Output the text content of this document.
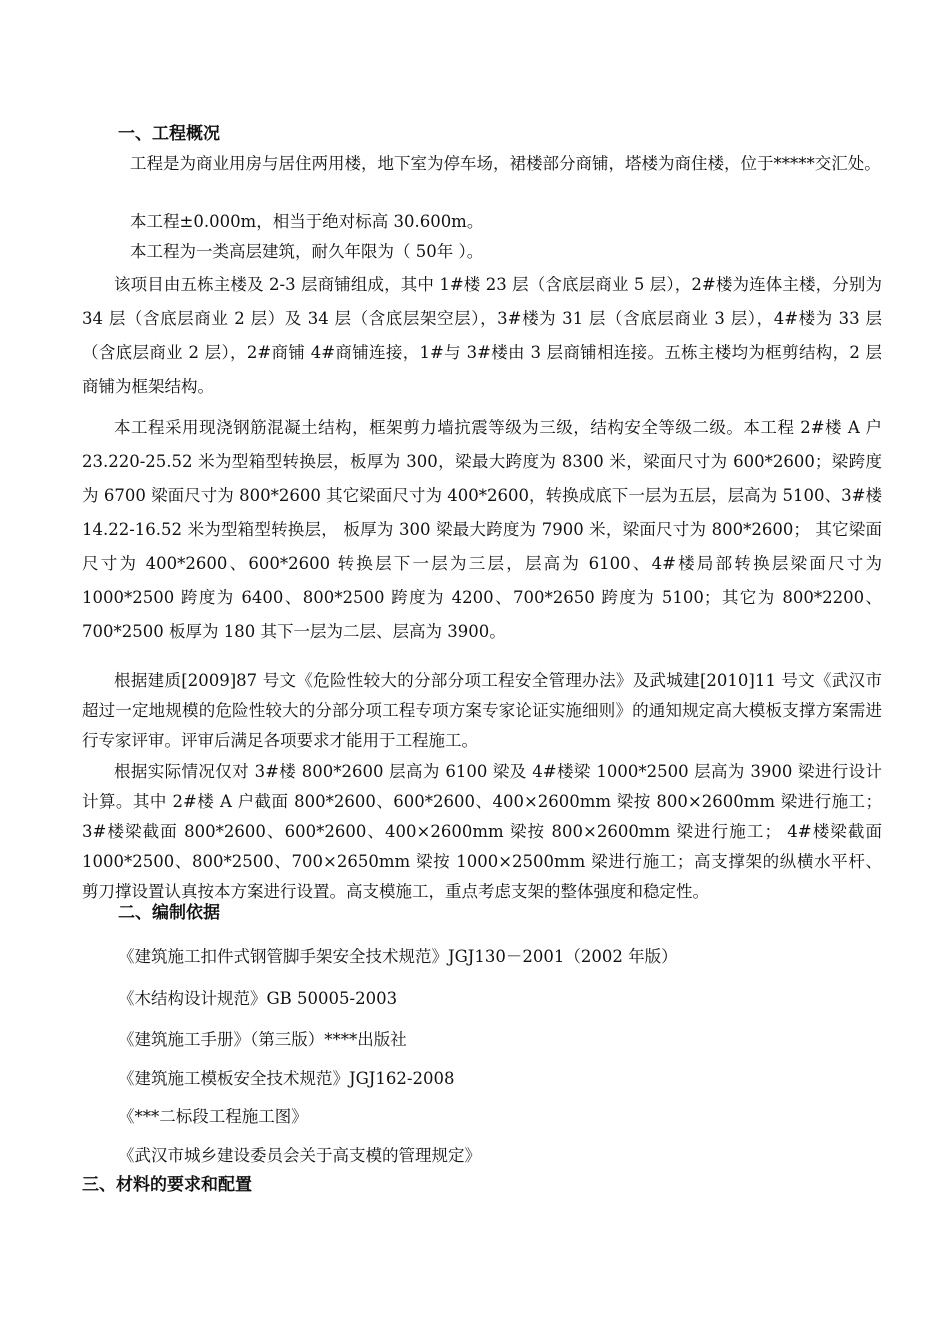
一、工程概况
工程是为商业用房与居住两用楼，地下室为停车场，裙楼部分商铺，塔楼为商住楼，位于*****交汇处。
本工程±0.000m，相当于绝对标高 30.600m。
本工程为一类高层建筑，耐久年限为（ 50年 ）。
该项目由五栋主楼及 2-3 层商铺组成，其中 1#楼 23 层（含底层商业 5 层），2#楼为连体主楼，分别为 34 层（含底层商业 2 层）及 34 层（含底层架空层），3#楼为 31 层（含底层商业 3 层），4#楼为 33 层（含底层商业 2 层），2#商铺 4#商铺连接，1#与 3#楼由 3 层商铺相连接。五栋主楼均为框剪结构，2 层商铺为框架结构。
本工程采用现浇钢筋混凝土结构，框架剪力墙抗震等级为三级，结构安全等级二级。本工程 2#楼 A 户 23.220-25.52 米为型箱型转换层，板厚为 300，梁最大跨度为 8300 米，梁面尺寸为 600*2600；梁跨度为 6700 梁面尺寸为 800*2600 其它梁面尺寸为 400*2600，转换成底下一层为五层，层高为 5100、3#楼 14.22-16.52 米为型箱型转换层， 板厚为 300 梁最大跨度为 7900 米，梁面尺寸为 800*2600； 其它梁面尺寸为 400*2600、600*2600 转换层下一层为三层，层高为 6100、4#楼局部转换层梁面尺寸为 1000*2500 跨度为 6400、800*2500 跨度为 4200、700*2650 跨度为 5100；其它为 800*2200、700*2500 板厚为 180 其下一层为二层、层高为 3900。
根据建质[2009]87 号文《危险性较大的分部分项工程安全管理办法》及武城建[2010]11 号文《武汉市超过一定地规模的危险性较大的分部分项工程专项方案专家论证实施细则》的通知规定高大模板支撑方案需进行专家评审。评审后满足各项要求才能用于工程施工。
根据实际情况仅对 3#楼 800*2600 层高为 6100 梁及 4#楼梁 1000*2500 层高为 3900 梁进行设计计算。其中 2#楼 A 户截面 800*2600、600*2600、400×2600mm 梁按 800×2600mm 梁进行施工；3#楼梁截面 800*2600、600*2600、400×2600mm 梁按 800×2600mm 梁进行施工； 4#楼梁截面 1000*2500、800*2500、700×2650mm 梁按 1000×2500mm 梁进行施工；高支撑架的纵横水平杆、剪刀撑设置认真按本方案进行设置。高支模施工，重点考虑支架的整体强度和稳定性。
二、编制依据
《建筑施工扣件式钢管脚手架安全技术规范》JGJ130－2001（2002 年版）
《木结构设计规范》GB 50005-2003
《建筑施工手册》（第三版）****出版社
《建筑施工模板安全技术规范》JGJ162-2008
《***二标段工程施工图》
《武汉市城乡建设委员会关于高支模的管理规定》
三、材料的要求和配置
